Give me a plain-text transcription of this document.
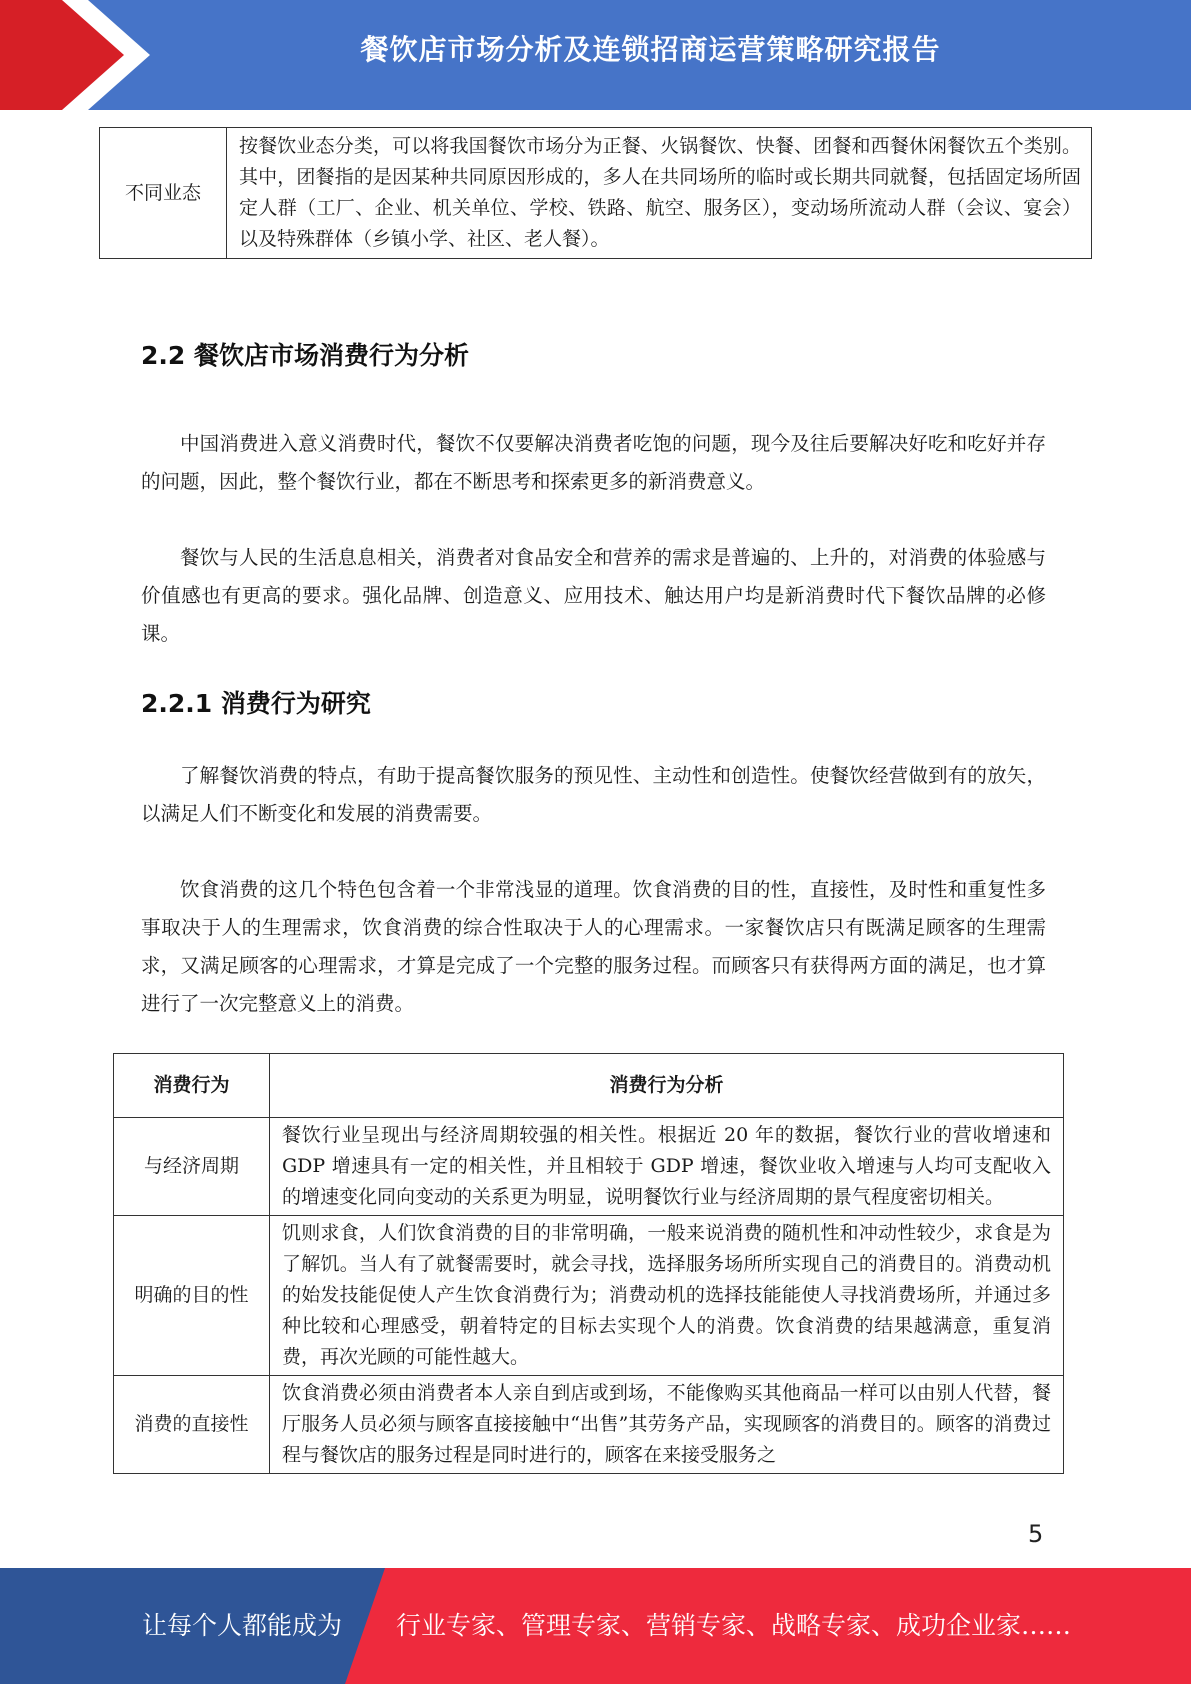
餐饮店市场分析及连锁招商运营策略研究报告
不同业态	按餐饮业态分类，可以将我国餐饮市场分为正餐、火锅餐饮、快餐、团餐和西餐休闲餐饮五个类别。其中，团餐指的是因某种共同原因形成的，多人在共同场所的临时或长期共同就餐，包括固定场所固定人群（工厂、企业、机关单位、学校、铁路、航空、服务区），变动场所流动人群（会议、宴会）以及特殊群体（乡镇小学、社区、老人餐）。
2.2 餐饮店市场消费行为分析

中国消费进入意义消费时代，餐饮不仅要解决消费者吃饱的问题，现今及往后要解决好吃和吃好并存的问题，因此，整个餐饮行业，都在不断思考和探索更多的新消费意义。

餐饮与人民的生活息息相关，消费者对食品安全和营养的需求是普遍的、上升的，对消费的体验感与价值感也有更高的要求。强化品牌、创造意义、应用技术、触达用户均是新消费时代下餐饮品牌的必修课。

2.2.1 消费行为研究

了解餐饮消费的特点，有助于提高餐饮服务的预见性、主动性和创造性。使餐饮经营做到有的放矢，以满足人们不断变化和发展的消费需要。

饮食消费的这几个特色包含着一个非常浅显的道理。饮食消费的目的性，直接性，及时性和重复性多事取决于人的生理需求，饮食消费的综合性取决于人的心理需求。一家餐饮店只有既满足顾客的生理需求，又满足顾客的心理需求，才算是完成了一个完整的服务过程。而顾客只有获得两方面的满足，也才算进行了一次完整意义上的消费。

消费行为	消费行为分析
与经济周期	餐饮行业呈现出与经济周期较强的相关性。根据近 20 年的数据，餐饮行业的营收增速和 GDP 增速具有一定的相关性，并且相较于 GDP 增速，餐饮业收入增速与人均可支配收入的增速变化同向变动的关系更为明显，说明餐饮行业与经济周期的景气程度密切相关。
明确的目的性	饥则求食，人们饮食消费的目的非常明确，一般来说消费的随机性和冲动性较少，求食是为了解饥。当人有了就餐需要时，就会寻找，选择服务场所所实现自己的消费目的。消费动机的始发技能促使人产生饮食消费行为；消费动机的选择技能能使人寻找消费场所，并通过多种比较和心理感受，朝着特定的目标去实现个人的消费。饮食消费的结果越满意，重复消费，再次光顾的可能性越大。
消费的直接性	饮食消费必须由消费者本人亲自到店或到场，不能像购买其他商品一样可以由别人代替，餐厅服务人员必须与顾客直接接触中“出售”其劳务产品，实现顾客的消费目的。顾客的消费过程与餐饮店的服务过程是同时进行的，顾客在来接受服务之
5
让每个人都能成为 行业专家、管理专家、营销专家、战略专家、成功企业家……
